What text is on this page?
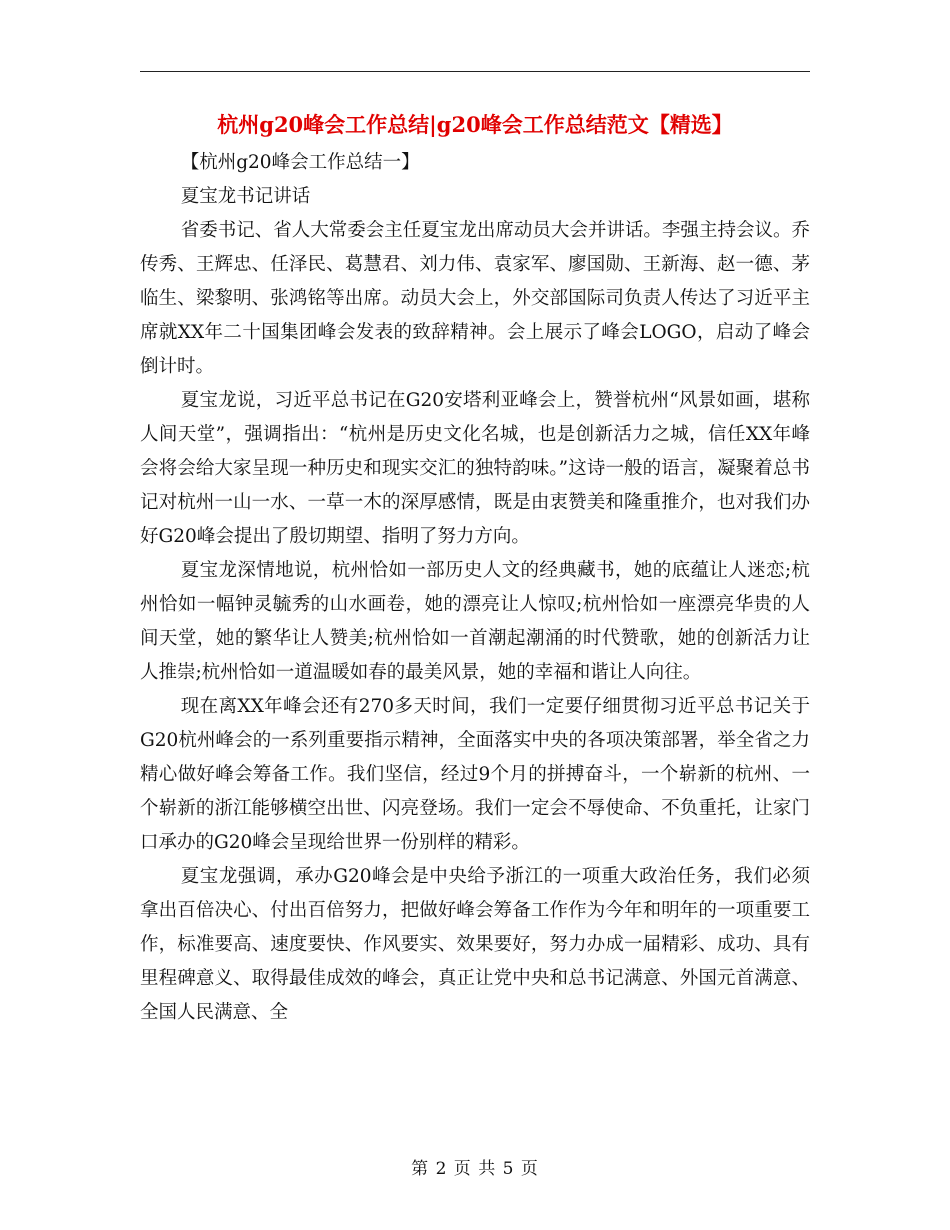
杭州g20峰会工作总结|g20峰会工作总结范文【精选】

【杭州g20峰会工作总结一】

夏宝龙书记讲话

省委书记、省人大常委会主任夏宝龙出席动员大会并讲话。李强主持会议。乔传秀、王辉忠、任泽民、葛慧君、刘力伟、袁家军、廖国勋、王新海、赵一德、茅临生、梁黎明、张鸿铭等出席。动员大会上，外交部国际司负责人传达了习近平主席就XX年二十国集团峰会发表的致辞精神。会上展示了峰会LOGO，启动了峰会倒计时。

夏宝龙说，习近平总书记在G20安塔利亚峰会上，赞誉杭州“风景如画，堪称人间天堂”，强调指出：“杭州是历史文化名城，也是创新活力之城，信任XX年峰会将会给大家呈现一种历史和现实交汇的独特韵味。”这诗一般的语言，凝聚着总书记对杭州一山一水、一草一木的深厚感情，既是由衷赞美和隆重推介，也对我们办好G20峰会提出了殷切期望、指明了努力方向。

夏宝龙深情地说，杭州恰如一部历史人文的经典藏书，她的底蕴让人迷恋;杭州恰如一幅钟灵毓秀的山水画卷，她的漂亮让人惊叹;杭州恰如一座漂亮华贵的人间天堂，她的繁华让人赞美;杭州恰如一首潮起潮涌的时代赞歌，她的创新活力让人推崇;杭州恰如一道温暖如春的最美风景，她的幸福和谐让人向往。

现在离XX年峰会还有270多天时间，我们一定要仔细贯彻习近平总书记关于G20杭州峰会的一系列重要指示精神，全面落实中央的各项决策部署，举全省之力精心做好峰会筹备工作。我们坚信，经过9个月的拼搏奋斗，一个崭新的杭州、一个崭新的浙江能够横空出世、闪亮登场。我们一定会不辱使命、不负重托，让家门口承办的G20峰会呈现给世界一份别样的精彩。

夏宝龙强调，承办G20峰会是中央给予浙江的一项重大政治任务，我们必须拿出百倍决心、付出百倍努力，把做好峰会筹备工作作为今年和明年的一项重要工作，标准要高、速度要快、作风要实、效果要好，努力办成一届精彩、成功、具有里程碑意义、取得最佳成效的峰会，真正让党中央和总书记满意、外国元首满意、全国人民满意、全

第 2 页 共 5 页
